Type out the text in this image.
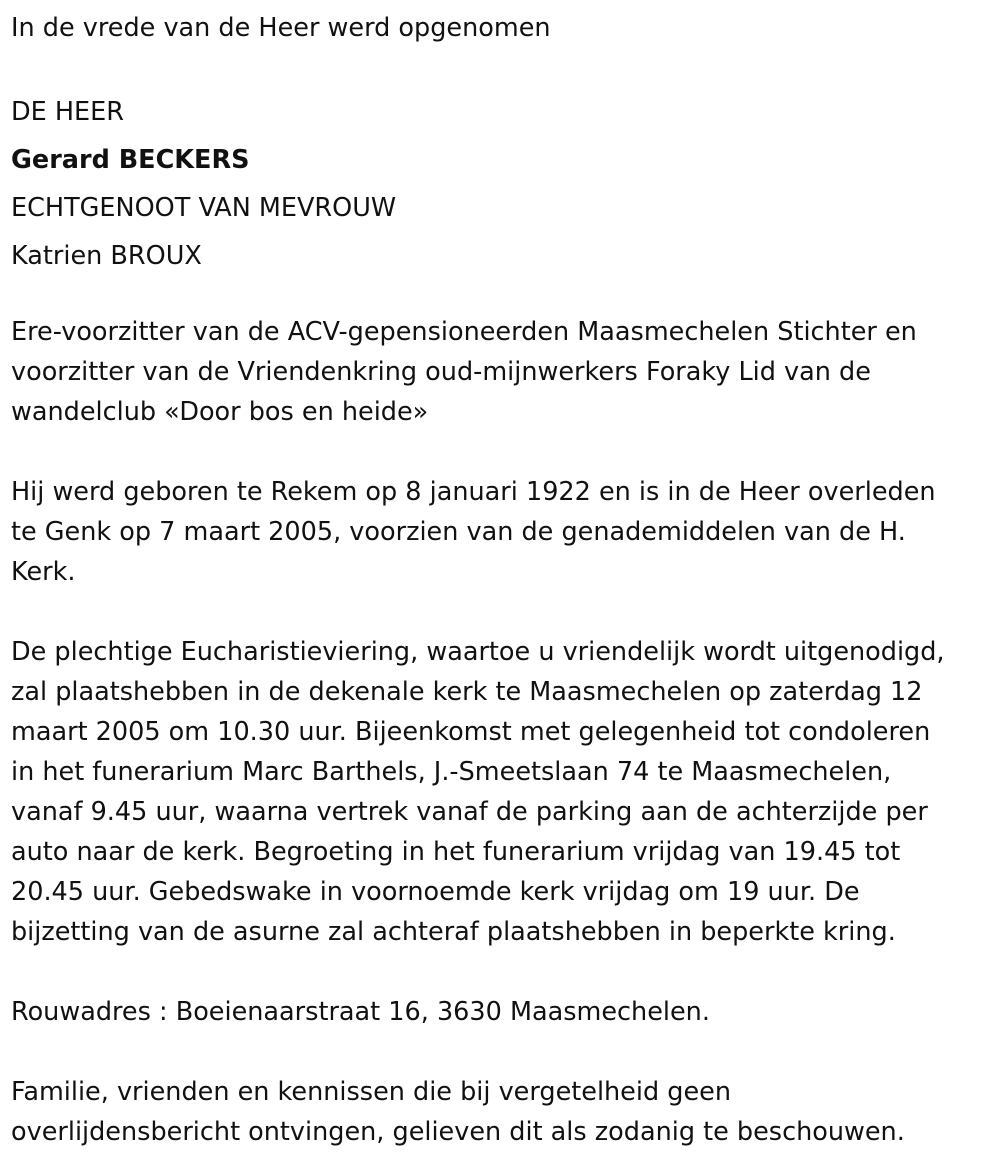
In de vrede van de Heer werd opgenomen

DE HEER

Gerard BECKERS

ECHTGENOOT VAN MEVROUW

Katrien BROUX

Ere-voorzitter van de ACV-gepensioneerden Maasmechelen Stichter en
voorzitter van de Vriendenkring oud-mijnwerkers Foraky Lid van de
wandelclub «Door bos en heide»

Hij werd geboren te Rekem op 8 januari 1922 en is in de Heer overleden
te Genk op 7 maart 2005, voorzien van de genademiddelen van de H.
Kerk.

De plechtige Eucharistieviering, waartoe u vriendelijk wordt uitgenodigd,
zal plaatshebben in de dekenale kerk te Maasmechelen op zaterdag 12
maart 2005 om 10.30 uur. Bijeenkomst met gelegenheid tot condoleren
in het funerarium Marc Barthels, J.-Smeetslaan 74 te Maasmechelen,
vanaf 9.45 uur, waarna vertrek vanaf de parking aan de achterzijde per
auto naar de kerk. Begroeting in het funerarium vrijdag van 19.45 tot
20.45 uur. Gebedswake in voornoemde kerk vrijdag om 19 uur. De
bijzetting van de asurne zal achteraf plaatshebben in beperkte kring.

Rouwadres : Boeienaarstraat 16, 3630 Maasmechelen.

Familie, vrienden en kennissen die bij vergetelheid geen
overlijdensbericht ontvingen, gelieven dit als zodanig te beschouwen.
